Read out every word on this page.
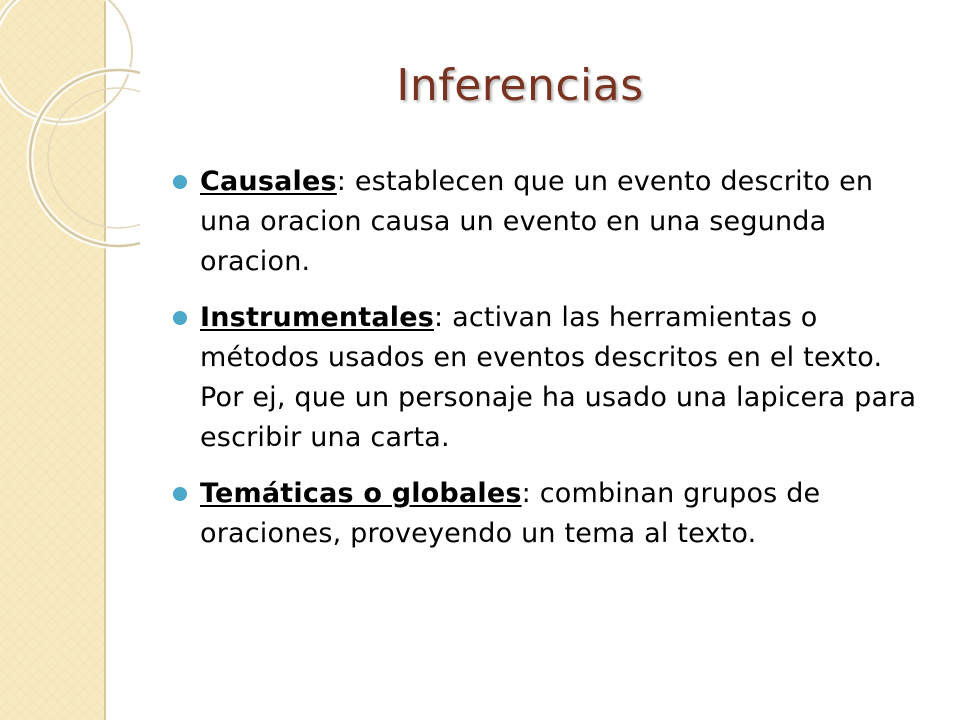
Inferencias
Causales: establecen que un evento descrito en una oracion causa un evento en una segunda oracion.
Instrumentales: activan las herramientas o métodos usados en eventos descritos en el texto. Por ej, que un personaje ha usado una lapicera para escribir una carta.
Temáticas o globales: combinan grupos de oraciones, proveyendo un tema al texto.
